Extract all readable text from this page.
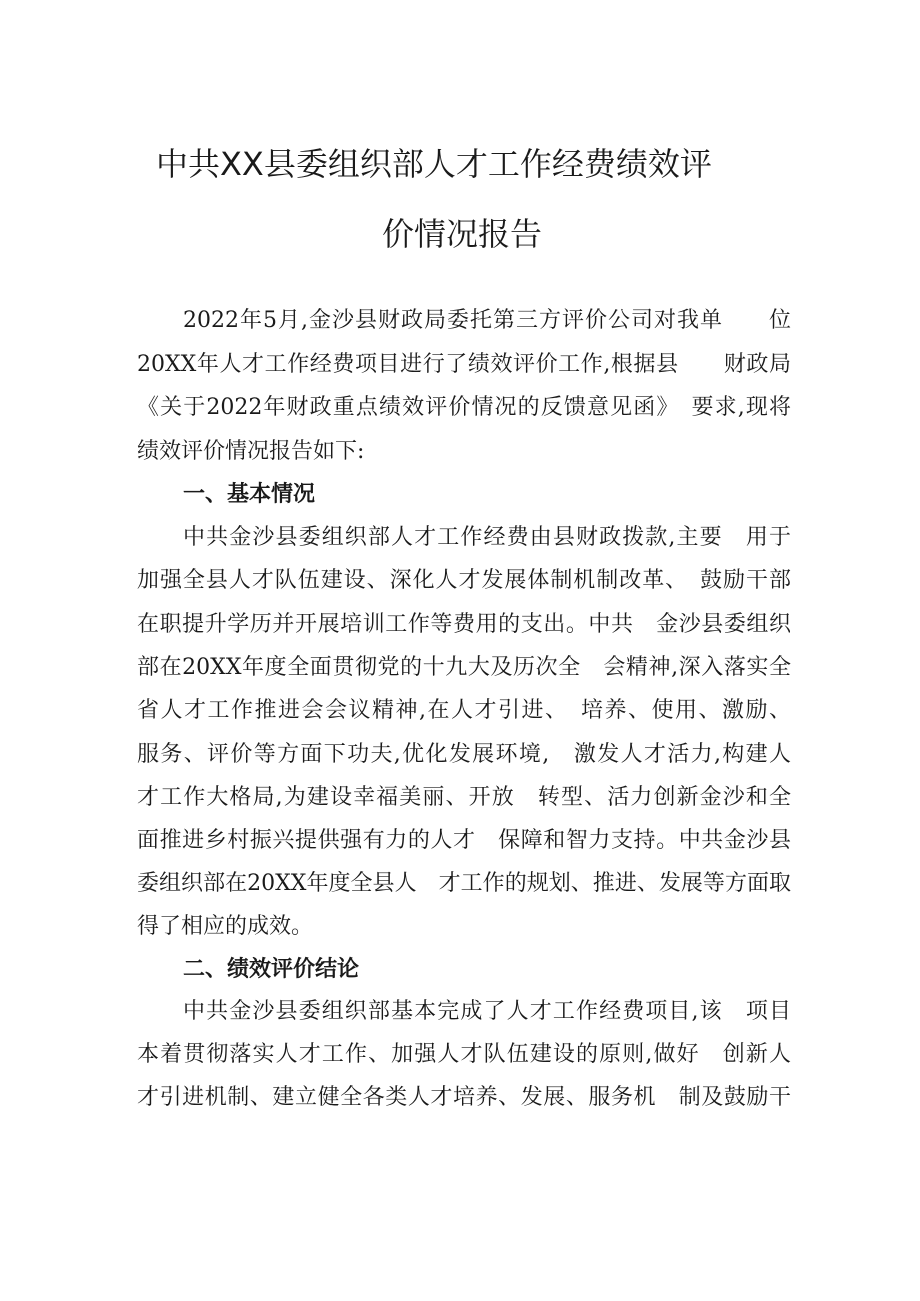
中共XX县委组织部人才工作经费绩效评
价情况报告

2022年5月,金沙县财政局委托第三方评价公司对我单　　位

20XX年人才工作经费项目进行了绩效评价工作,根据县　　财政局

《关于2022年财政重点绩效评价情况的反馈意见函》　要求,现将

绩效评价情况报告如下:

一、基本情况

中共金沙县委组织部人才工作经费由县财政拨款,主要　用于

加强全县人才队伍建设、深化人才发展体制机制改革、　鼓励干部

在职提升学历并开展培训工作等费用的支出。中共　金沙县委组织

部在20XX年度全面贯彻党的十九大及历次全　会精神,深入落实全

省人才工作推进会会议精神,在人才引进、　培养、使用、激励、

服务、评价等方面下功夫,优化发展环境,　激发人才活力,构建人

才工作大格局,为建设幸福美丽、开放　转型、活力创新金沙和全

面推进乡村振兴提供强有力的人才　保障和智力支持。中共金沙县

委组织部在20XX年度全县人　才工作的规划、推进、发展等方面取

得了相应的成效。

二、绩效评价结论

中共金沙县委组织部基本完成了人才工作经费项目,该　项目

本着贯彻落实人才工作、加强人才队伍建设的原则,做好　创新人

才引进机制、建立健全各类人才培养、发展、服务机　制及鼓励干
